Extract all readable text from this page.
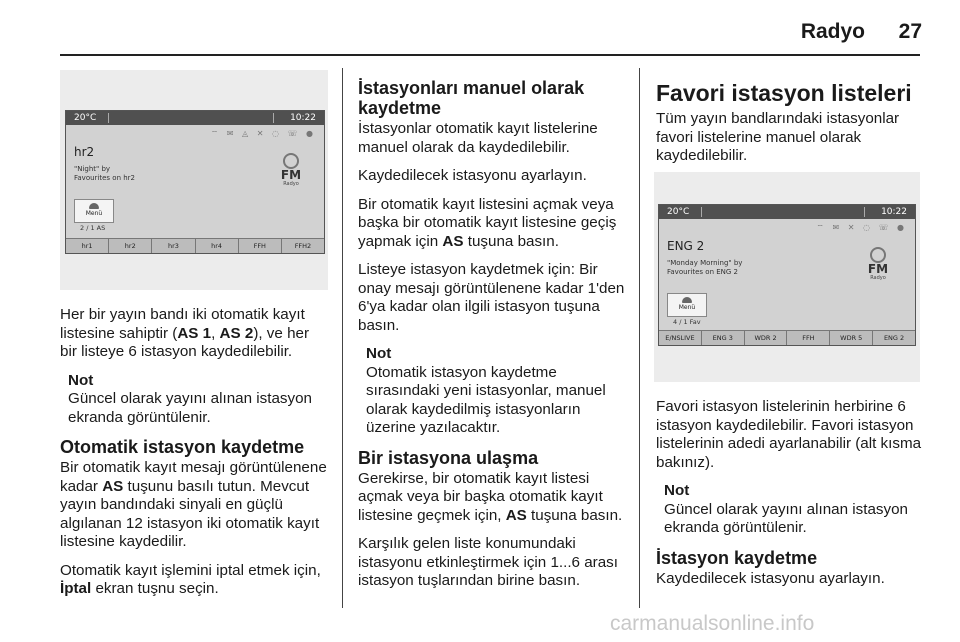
Radyo 27
20°C	10:22
⌔ ✉ ◬ ✕ ◌ ☏ ●
hr2
"Night" by
Favourites on hr2	FM
Radyo
Menü
2 / 1 AS
hr1	hr2	hr3	hr4	FFH	FFH2

Her bir yayın bandı iki otomatik kayıt listesine sahiptir (AS 1, AS 2), ve her bir listeye 6 istasyon kaydedilebilir.

Not
Güncel olarak yayını alınan istasyon ekranda görüntülenir.
Otomatik istasyon kaydetme

Bir otomatik kayıt mesajı görüntülenene kadar AS tuşunu basılı tutun. Mevcut yayın bandındaki sinyali en güçlü algılanan 12 istasyon iki otomatik kayıt listesine kaydedilir.

Otomatik kayıt işlemini iptal etmek için, İptal ekran tuşnu seçin.

İstasyonları manuel olarak kaydetme

İstasyonlar otomatik kayıt listelerine manuel olarak da kaydedilebilir.

Kaydedilecek istasyonu ayarlayın.

Bir otomatik kayıt listesini açmak veya başka bir otomatik kayıt listesine geçiş yapmak için AS tuşuna basın.

Listeye istasyon kaydetmek için: Bir onay mesajı görüntülenene kadar 1'den 6'ya kadar olan ilgili istasyon tuşuna basın.

Not
Otomatik istasyon kaydetme sırasındaki yeni istasyonlar, manuel olarak kaydedilmiş istasyonların üzerine yazılacaktır.
Bir istasyona ulaşma

Gerekirse, bir otomatik kayıt listesi açmak veya bir başka otomatik kayıt listesine geçmek için, AS tuşuna basın.

Karşılık gelen liste konumundaki istasyonu etkinleştirmek için 1...6 arası istasyon tuşlarından birine basın.

Favori istasyon listeleri

Tüm yayın bandlarındaki istasyonlar favori listelerine manuel olarak kaydedilebilir.

20°C	10:22
⌔ ✉ ✕ ◌ ☏ ●
ENG 2
"Monday Morning" by
Favourites on ENG 2	FM
Radyo
Menü
4 / 1 Fav
E/NSLIVE	ENG 3	WDR 2	FFH	WDR 5	ENG 2

Favori istasyon listelerinin herbirine 6 istasyon kaydedilebilir. Favori istasyon listelerinin adedi ayarlanabilir (alt kısma bakınız).

Not
Güncel olarak yayını alınan istasyon ekranda görüntülenir.
İstasyon kaydetme

Kaydedilecek istasyonu ayarlayın.

carmanualsonline.info
